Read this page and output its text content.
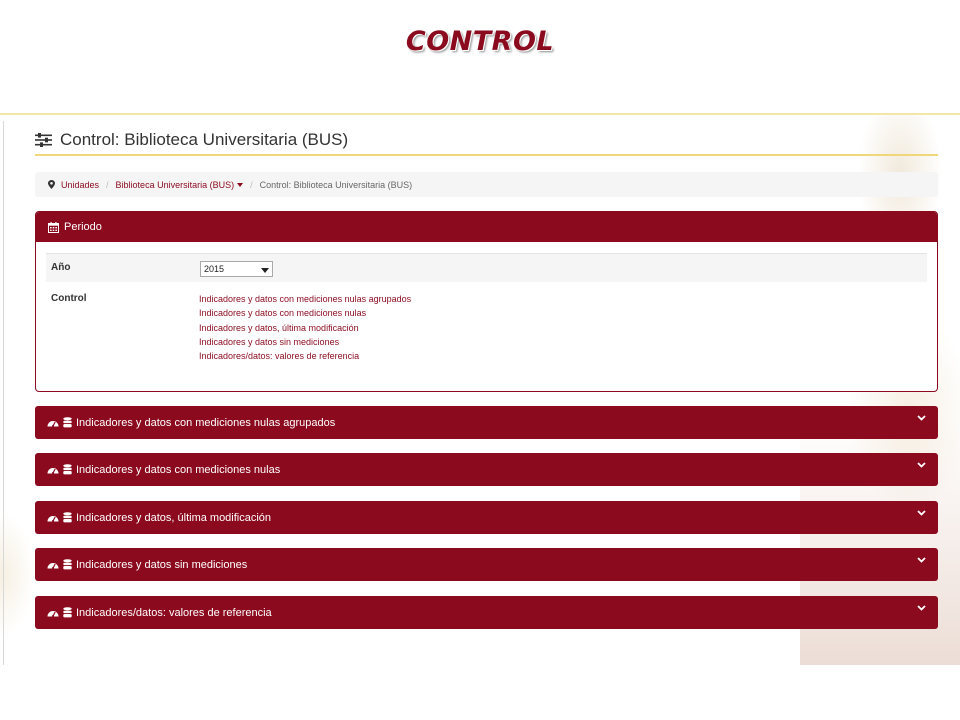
CONTROL
Control: Biblioteca Universitaria (BUS)
Unidades / Biblioteca Universitaria (BUS)	/ Control: Biblioteca Universitaria (BUS)
Periodo
Año	2015
Control	Indicadores y datos con mediciones nulas agrupados
Indicadores y datos con mediciones nulas
Indicadores y datos, última modificación
Indicadores y datos sin mediciones
Indicadores/datos: valores de referencia
Indicadores y datos con mediciones nulas agrupados
Indicadores y datos con mediciones nulas
Indicadores y datos, última modificación
Indicadores y datos sin mediciones
Indicadores/datos: valores de referencia
